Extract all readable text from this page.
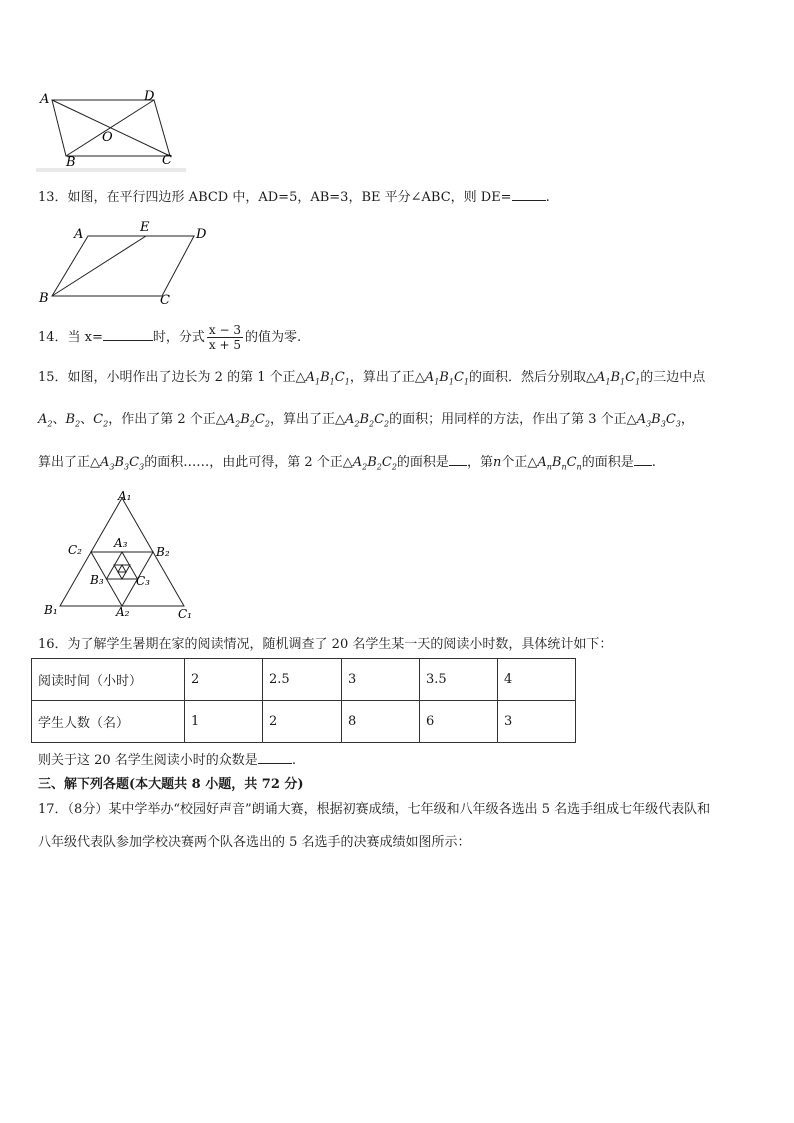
A	D
O
B	C
13．如图，在平行四边形 ABCD 中，AD=5，AB=3，BE 平分∠ABC，则 DE=	.
A	E	D
B	C
14．当 x=	时，分式 $\frac{x - 3}{x + 5}$ 的值为零.
15．如图，小明作出了边长为 2 的第 1 个正$\triangle A_1B_1C_1$，算出了正$\triangle A_1B_1C_1$的面积．然后分别取$\triangle A_1B_1C_1$的三边中点
$A_2$、$B_2$、$C_2$，作出了第 2 个正$\triangle A_2B_2C_2$，算出了正$\triangle A_2B_2C_2$的面积；用同样的方法，作出了第 3 个正$\triangle A_3B_3C_3$，
算出了正$\triangle A_3B_3C_3$的面积……，由此可得，第 2 个正$\triangle A_2B_2C_2$的面积是 ，第n个正$\triangle A_nB_nC_n$的面积是 .
A₁
C₂	B₂
A₃
B₃	C₃
B₁	A₂	C₁
16．为了解学生暑期在家的阅读情况，随机调查了 20 名学生某一天的阅读小时数，具体统计如下：
阅读时间（小时）	2	2.5	3	3.5	4
学生人数（名）	1	2	8	6	3
则关于这 20 名学生阅读小时的众数是	.
三、解下列各题(本大题共 8 小题，共 72 分)
17．（8分）某中学举办“校园好声音”朗诵大赛，根据初赛成绩，七年级和八年级各选出 5 名选手组成七年级代表队和
八年级代表队参加学校决赛两个队各选出的 5 名选手的决赛成绩如图所示：
